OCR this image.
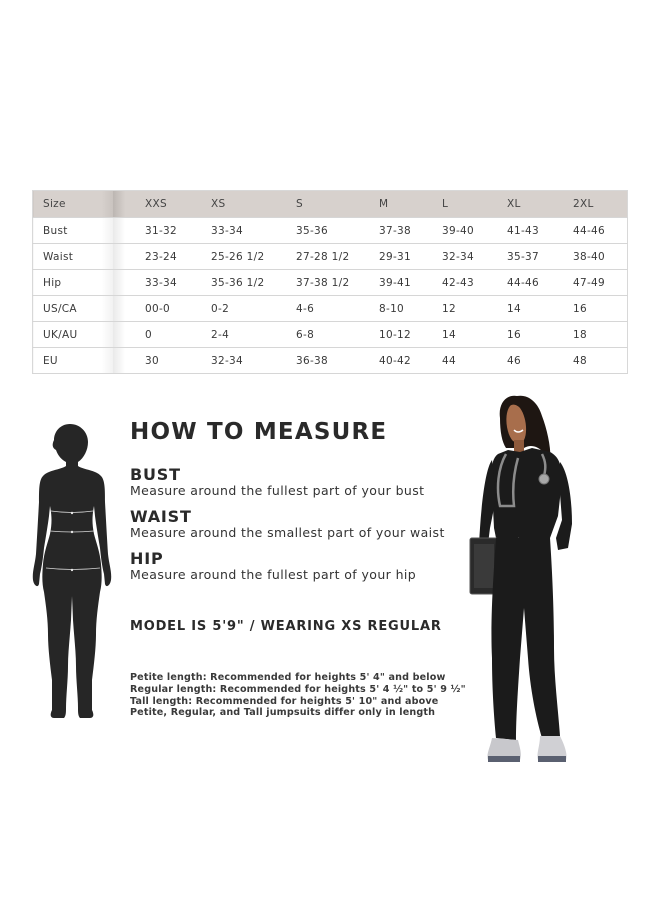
Size	XXS	XS	S	M	L	XL	2XL
Bust	31-32	33-34	35-36	37-38	39-40	41-43	44-46
Waist	23-24	25-26 1/2	27-28 1/2	29-31	32-34	35-37	38-40
Hip	33-34	35-36 1/2	37-38 1/2	39-41	42-43	44-46	47-49
US/CA	00-0	0-2	4-6	8-10	12	14	16
UK/AU	0	2-4	6-8	10-12	14	16	18
EU	30	32-34	36-38	40-42	44	46	48
HOW TO MEASURE
BUST
Measure around the fullest part of your bust
WAIST
Measure around the smallest part of your waist
HIP
Measure around the fullest part of your hip
MODEL IS 5'9" / WEARING XS REGULAR
Petite length: Recommended for heights 5' 4" and below
Regular length: Recommended for heights 5' 4 ½" to 5' 9 ½"
Tall length: Recommended for heights 5' 10" and above
Petite, Regular, and Tall jumpsuits differ only in length
